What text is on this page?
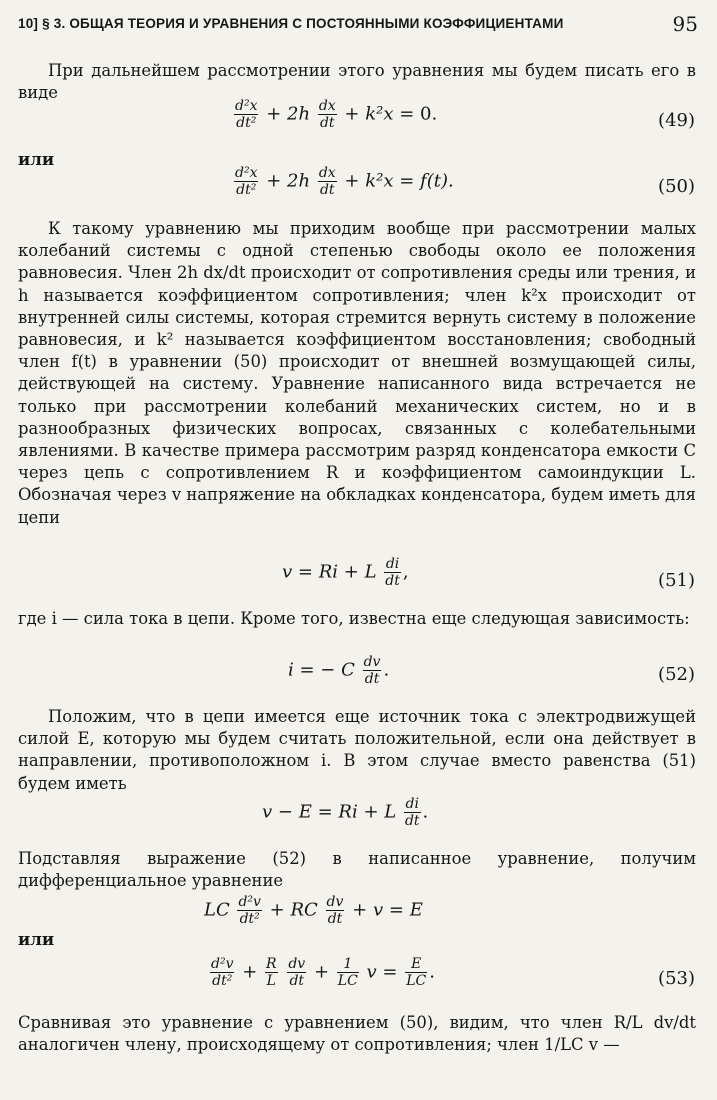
10] § 3. ОБЩАЯ ТЕОРИЯ И УРАВНЕНИЯ С ПОСТОЯННЫМИ КОЭФФИЦИЕНТАМИ	95
При дальнейшем рассмотрении этого уравнения мы будем писать его в виде
$\frac{\text{d²x}}{\text{dt²}} + 2h \frac{dx}{dt} + k^2x = 0$.	(49)
или
$\frac{\text{d²x}}{\text{dt²}} + 2h \frac{dx}{dt} + k^2x = f(t)$.	(50)
К такому уравнению мы приходим вообще при рассмотрении малых колебаний системы с одной степенью свободы около ее положения равновесия. Член 2h dx/dt происходит от сопротивления среды или трения, и h называется коэффициентом сопротивления; член k²x происходит от внутренней силы системы, которая стремится вернуть систему в положение равновесия, и k² называется коэффициентом восстановления; свободный член f(t) в уравнении (50) происходит от внешней возмущающей силы, действующей на систему. Уравнение написанного вида встречается не только при рассмотрении колебаний механических систем, но и в разнообразных физических вопросах, связанных с колебательными явлениями. В качестве примера рассмотрим разряд конденсатора емкости C через цепь с сопротивлением R и коэффициентом самоиндукции L. Обозначая через v напряжение на обкладках конденсатора, будем иметь для цепи
v = Ri + L $\frac{di}{dt}$ ,	(51)
где i — сила тока в цепи. Кроме того, известна еще следующая зависимость:
i = − C $\frac{dv}{dt}$ .	(52)
Положим, что в цепи имеется еще источник тока с электродвижущей силой E, которую мы будем считать положительной, если она действует в направлении, противоположном i. В этом случае вместо равенства (51) будем иметь
v − E = Ri + L $\frac{di}{dt}$ .
Подставляя выражение (52) в написанное уравнение, получим дифференциальное уравнение
LC $\frac{\text{d²v}}{\text{dt²}}$ + RC $\frac{dv}{dt} + v = E$
или
$\frac{\text{d²v}}{\text{dt²}} + \frac{R}{L}$
$\frac{dv}{dt} + \frac{1}{LC}$ $v = \frac{E}{LC}$ .	(53)
Сравнивая это уравнение с уравнением (50), видим, что член R/L dv/dt аналогичен члену, происходящему от сопротивления; член 1/LC v —
